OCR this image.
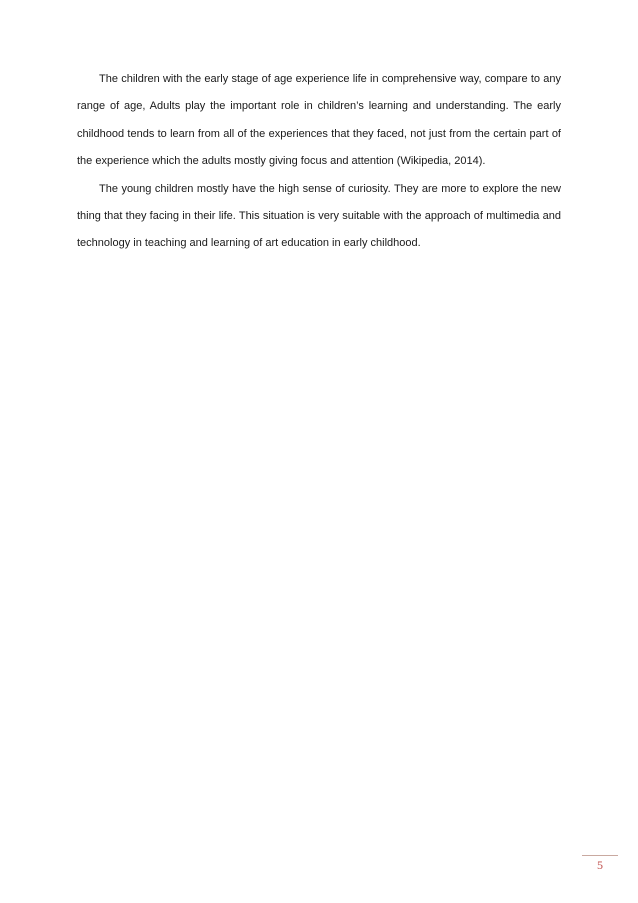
The children with the early stage of age experience life in comprehensive way, compare to any range of age, Adults play the important role in children’s learning and understanding. The early childhood tends to learn from all of the experiences that they faced, not just from the certain part of the experience which the adults mostly giving focus and attention (Wikipedia, 2014).

The young children mostly have the high sense of curiosity. They are more to explore the new thing that they facing in their life. This situation is very suitable with the approach of multimedia and technology in teaching and learning of art education in early childhood.

5
